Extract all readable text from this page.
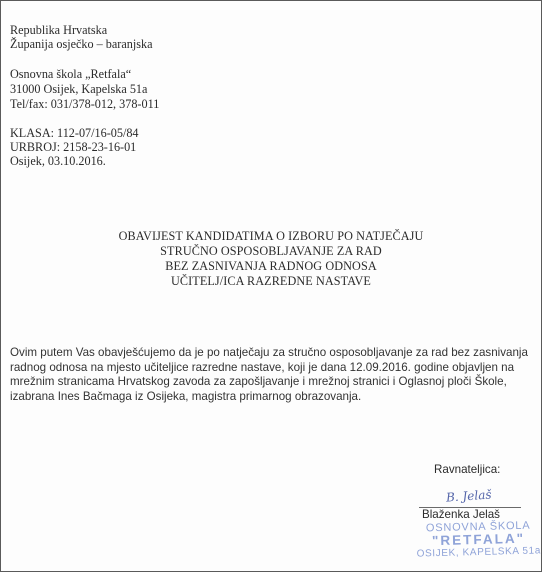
Republika Hrvatska
Županija osječko – baranjska
Osnovna škola „Retfala“
31000 Osijek, Kapelska 51a
Tel/fax: 031/378-012, 378-011
KLASA: 112-07/16-05/84
URBROJ: 2158-23-16-01
Osijek, 03.10.2016.
OBAVIJEST KANDIDATIMA O IZBORU PO NATJEČAJU
STRUČNO OSPOSOBLJAVANJE ZA RAD
BEZ ZASNIVANJA RADNOG ODNOSA
UČITELJ/ICA RAZREDNE NASTAVE
Ovim putem Vas obavješćujemo da je po natječaju za stručno osposobljavanje za rad bez zasnivanja
radnog odnosa na mjesto učiteljice razredne nastave, koji je dana 12.09.2016. godine objavljen na
mrežnim stranicama Hrvatskog zavoda za zapošljavanje i mrežnoj stranici i Oglasnoj ploči Škole,
izabrana Ines Bačmaga iz Osijeka, magistra primarnog obrazovanja.
Ravnateljica:
B. Jelaš
Blaženka Jelaš
OSNOVNA ŠKOLA
"RETFALA"
OSIJEK, KAPELSKA 51a
